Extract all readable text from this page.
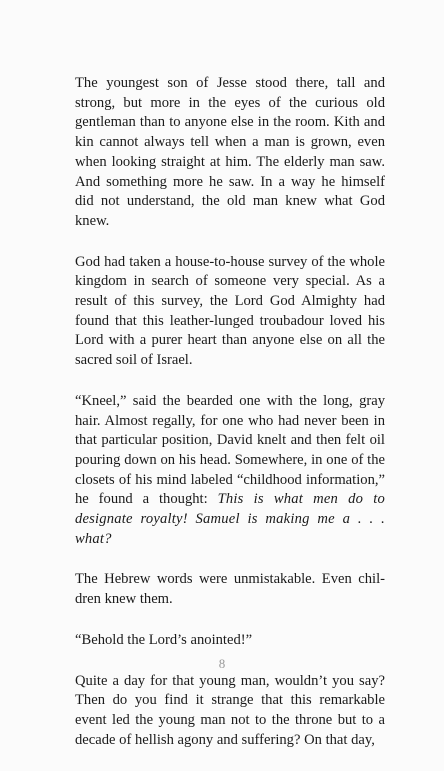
The youngest son of Jesse stood there, tall and strong, but more in the eyes of the curious old gentleman than to anyone else in the room. Kith and kin cannot always tell when a man is grown, even when looking straight at him. The elderly man saw. And something more he saw. In a way he himself did not understand, the old man knew what God knew.

God had taken a house-to-house survey of the whole kingdom in search of someone very special. As a result of this survey, the Lord God Almighty had found that this leather-lunged troubadour loved his Lord with a purer heart than anyone else on all the sacred soil of Israel.

“Kneel,” said the bearded one with the long, gray hair. Almost regally, for one who had never been in that particular position, David knelt and then felt oil pouring down on his head. Somewhere, in one of the closets of his mind labeled “childhood information,” he found a thought: This is what men do to designate royalty! Samuel is making me a . . . what?

The Hebrew words were unmistakable. Even chil-dren knew them.

“Behold the Lord’s anointed!”

Quite a day for that young man, wouldn’t you say? Then do you find it strange that this remarkable event led the young man not to the throne but to a decade of hellish agony and suffering? On that day,

8
